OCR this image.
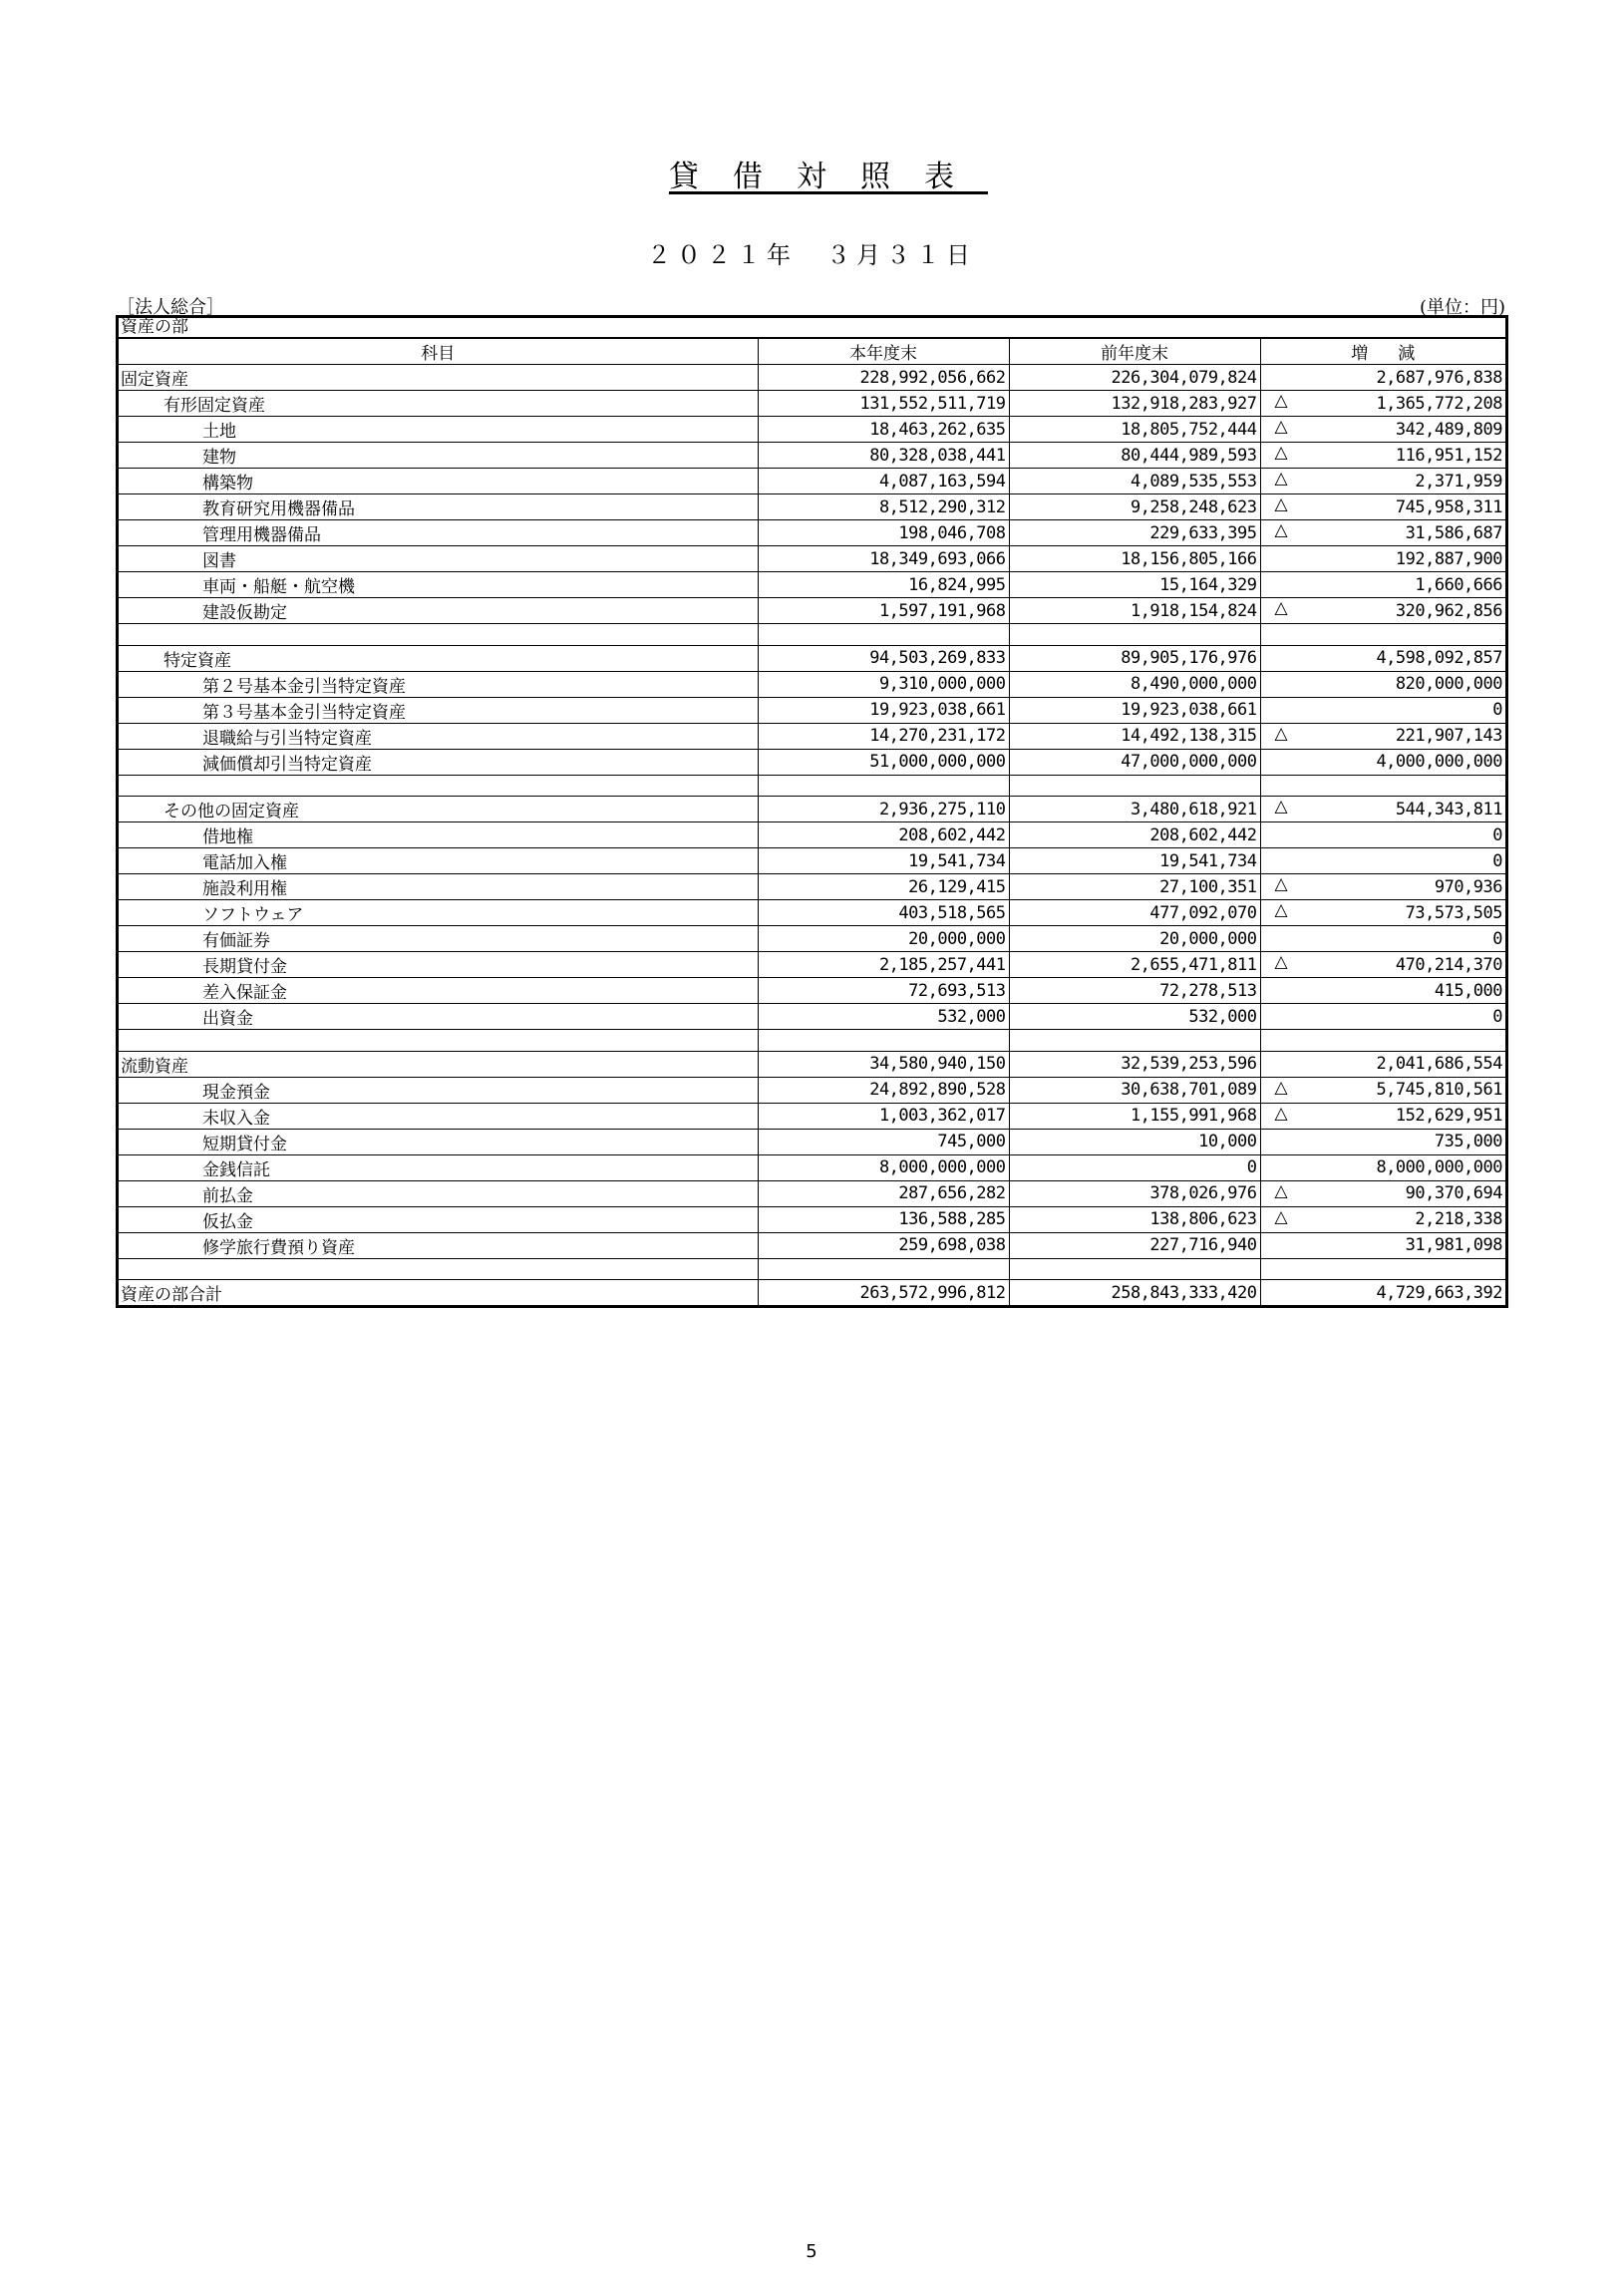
貸借対照表
２０２１年　３月３１日
［法人総合］	(単位：円)
資産の部
科目	本年度末	前年度末	増減
固定資産	228,992,056,662	226,304,079,824	2,687,976,838
有形固定資産	131,552,511,719	132,918,283,927	△ 1,365,772,208
土地	18,463,262,635	18,805,752,444	△ 342,489,809
建物	80,328,038,441	80,444,989,593	△ 116,951,152
構築物	4,087,163,594	4,089,535,553	△ 2,371,959
教育研究用機器備品	8,512,290,312	9,258,248,623	△ 745,958,311
管理用機器備品	198,046,708	229,633,395	△ 31,586,687
図書	18,349,693,066	18,156,805,166	192,887,900
車両・船艇・航空機	16,824,995	15,164,329	1,660,666
建設仮勘定	1,597,191,968	1,918,154,824	△ 320,962,856

特定資産	94,503,269,833	89,905,176,976	4,598,092,857
第２号基本金引当特定資産	9,310,000,000	8,490,000,000	820,000,000
第３号基本金引当特定資産	19,923,038,661	19,923,038,661	0
退職給与引当特定資産	14,270,231,172	14,492,138,315	△ 221,907,143
減価償却引当特定資産	51,000,000,000	47,000,000,000	4,000,000,000

その他の固定資産	2,936,275,110	3,480,618,921	△ 544,343,811
借地権	208,602,442	208,602,442	0
電話加入権	19,541,734	19,541,734	0
施設利用権	26,129,415	27,100,351	△ 970,936
ソフトウェア	403,518,565	477,092,070	△ 73,573,505
有価証券	20,000,000	20,000,000	0
長期貸付金	2,185,257,441	2,655,471,811	△ 470,214,370
差入保証金	72,693,513	72,278,513	415,000
出資金	532,000	532,000	0

流動資産	34,580,940,150	32,539,253,596	2,041,686,554
現金預金	24,892,890,528	30,638,701,089	△ 5,745,810,561
未収入金	1,003,362,017	1,155,991,968	△ 152,629,951
短期貸付金	745,000	10,000	735,000
金銭信託	8,000,000,000	0	8,000,000,000
前払金	287,656,282	378,026,976	△ 90,370,694
仮払金	136,588,285	138,806,623	△ 2,218,338
修学旅行費預り資産	259,698,038	227,716,940	31,981,098

資産の部合計	263,572,996,812	258,843,333,420	4,729,663,392
5
